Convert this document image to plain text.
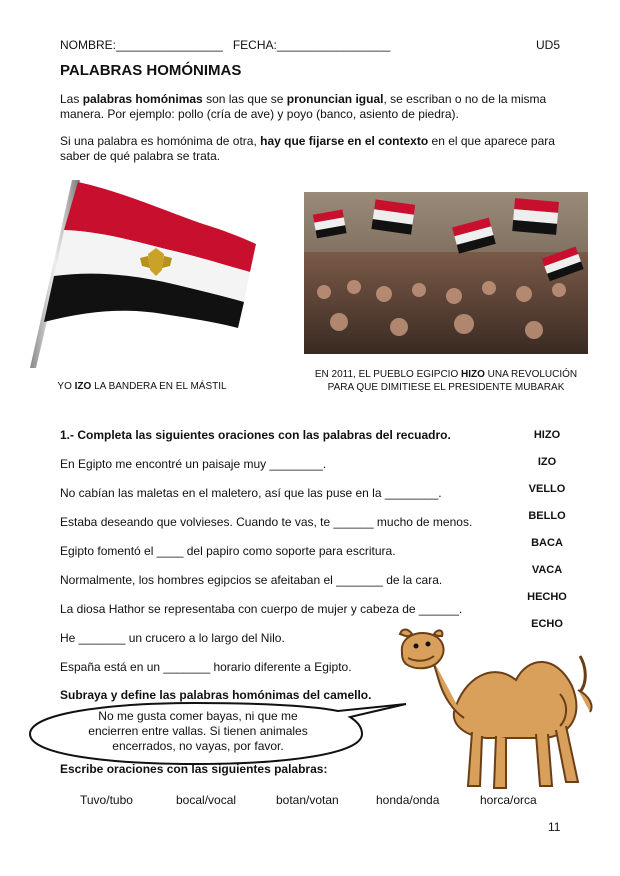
NOMBRE:________________ FECHA:_________________	UD5
PALABRAS HOMÓNIMAS
Las palabras homónimas son las que se pronuncian igual, se escriban o no de la misma manera. Por ejemplo: pollo (cría de ave) y poyo (banco, asiento de piedra).
Si una palabra es homónima de otra, hay que fijarse en el contexto en el que aparece para saber de qué palabra se trata.
YO IZO LA BANDERA EN EL MÁSTIL
EN 2011, EL PUEBLO EGIPCIO HIZO UNA REVOLUCIÓN PARA QUE DIMITIESE EL PRESIDENTE MUBARAK
1.- Completa las siguientes oraciones con las palabras del recuadro.
En Egipto me encontré un paisaje muy ________.
No cabían las maletas en el maletero, así que las puse en la ________.
Estaba deseando que volvieses. Cuando te vas, te ______ mucho de menos.
Egipto fomentó el ____ del papiro como soporte para escritura.
Normalmente, los hombres egipcios se afeitaban el _______ de la cara.
La diosa Hathor se representaba con cuerpo de mujer y cabeza de ______.
He _______ un crucero a lo largo del Nilo.
España está en un _______ horario diferente a Egipto.
HIZO
IZO
VELLO
BELLO
BACA
VACA
HECHO
ECHO
Subraya y define las palabras homónimas del camello.
No me gusta comer bayas, ni que me encierren entre vallas. Si tienen animales encerrados, no vayas, por favor.
Escribe oraciones con las siguientes palabras:
Tuvo/tubo	bocal/vocal	botan/votan	honda/onda	horca/orca
11
